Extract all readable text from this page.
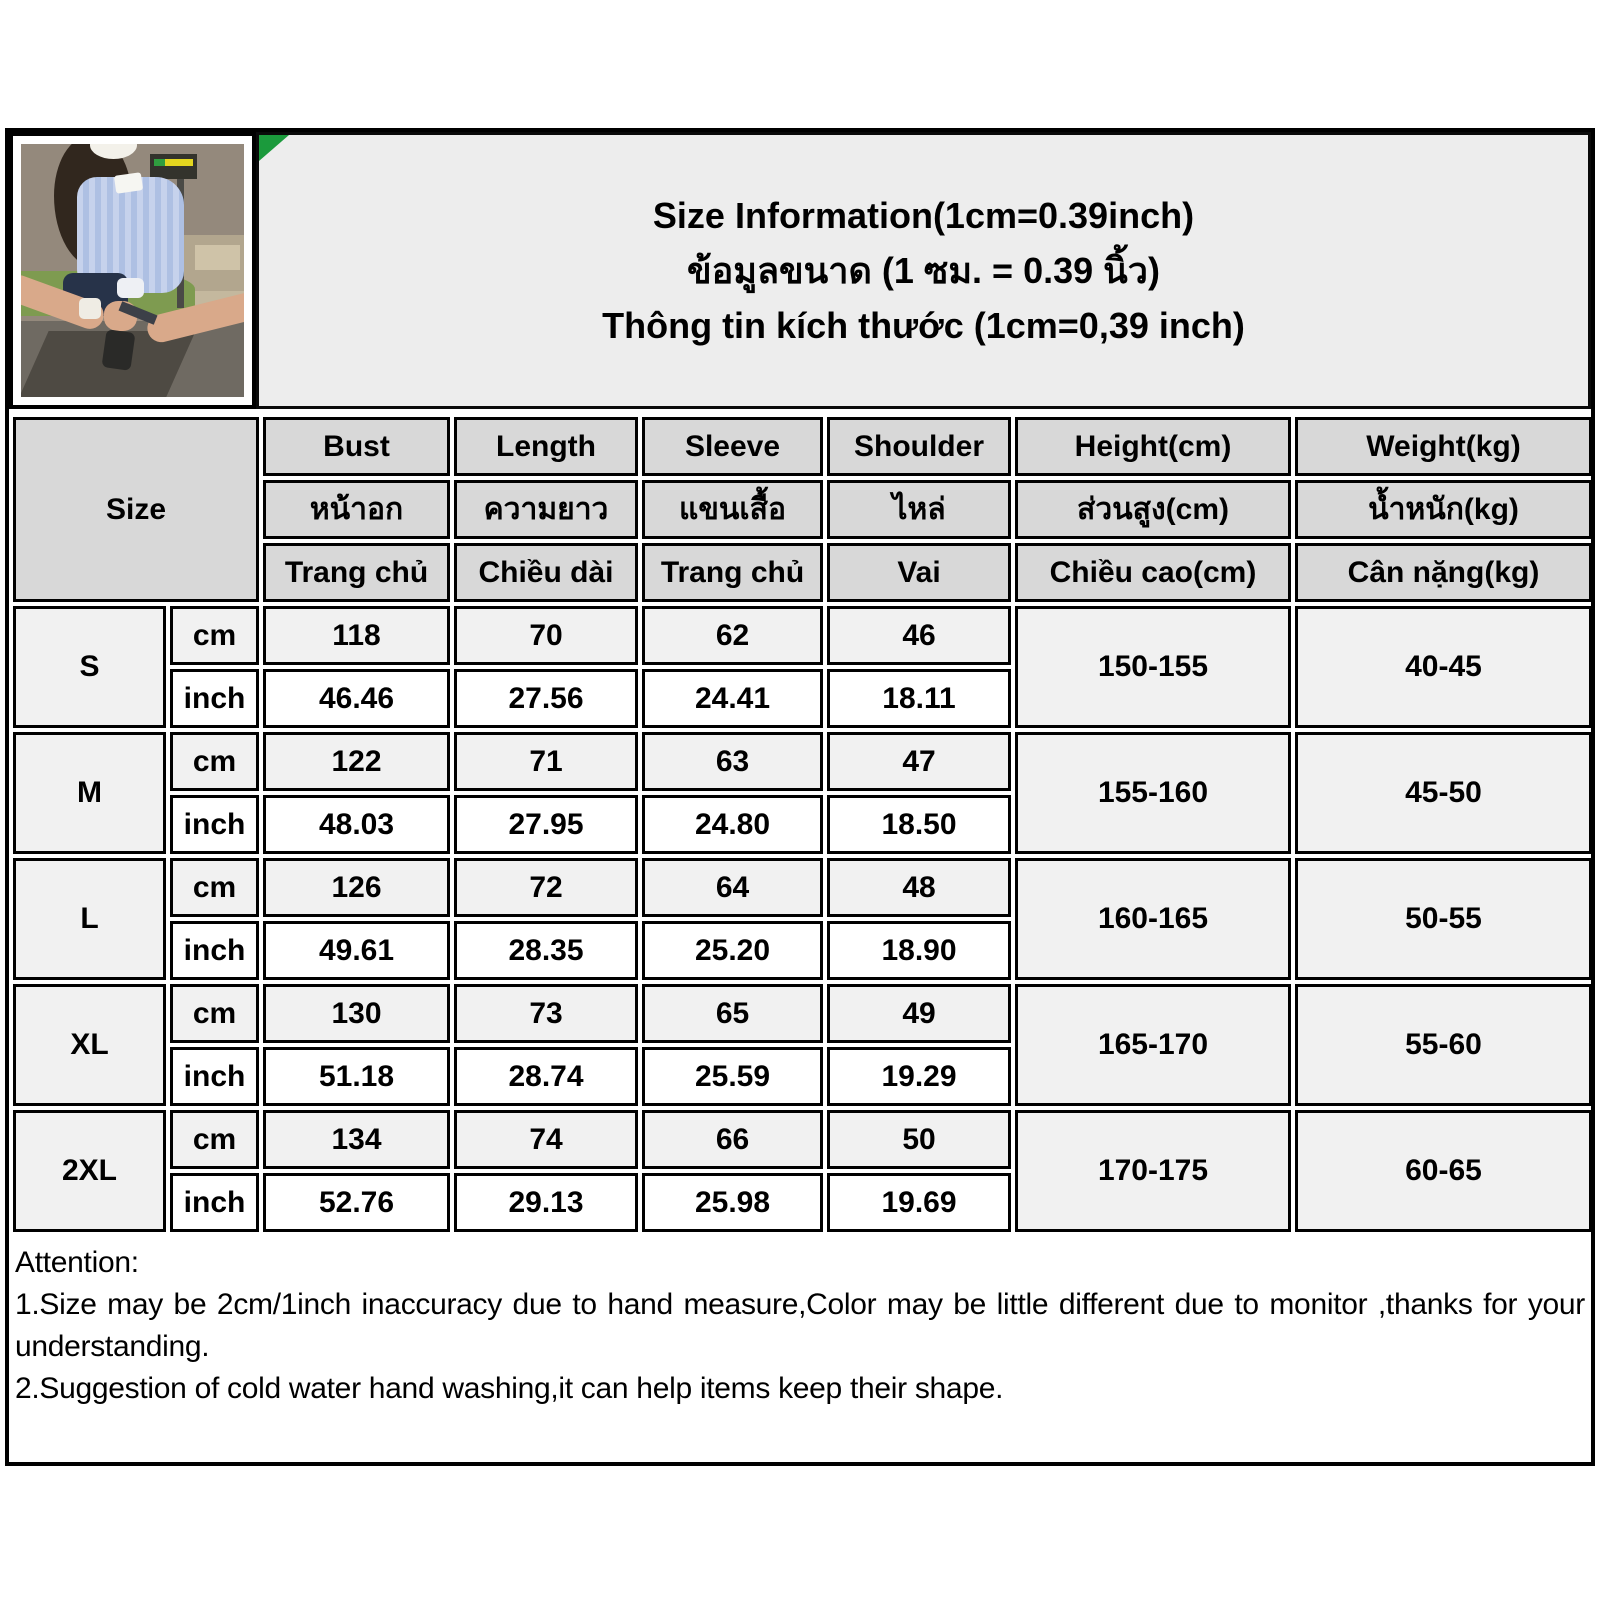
Size Information(1cm=0.39inch)
ข้อมูลขนาด (1 ซม. = 0.39 นิ้ว)
Thông tin kích thước (1cm=0,39 inch)
Size		Bust	Length	Sleeve	Shoulder	Height(cm)	Weight(kg)
		หน้าอก	ความยาว	แขนเสื้อ	ไหล่	ส่วนสูง(cm)	น้ำหนัก(kg)
		Trang chủ	Chiều dài	Trang chủ	Vai	Chiều cao(cm)	Cân nặng(kg)
S	cm	118	70	62	46	150-155	40-45
	inch	46.46	27.56	24.41	18.11		
M	cm	122	71	63	47	155-160	45-50
	inch	48.03	27.95	24.80	18.50		
L	cm	126	72	64	48	160-165	50-55
	inch	49.61	28.35	25.20	18.90		
XL	cm	130	73	65	49	165-170	55-60
	inch	51.18	28.74	25.59	19.29		
2XL	cm	134	74	66	50	170-175	60-65
	inch	52.76	29.13	25.98	19.69		

Attention:

1.Size may be 2cm/1inch inaccuracy due to hand measure,Color may be little different due to monitor ,thanks for your understanding.

2.Suggestion of cold water hand washing,it can help items keep their shape.
